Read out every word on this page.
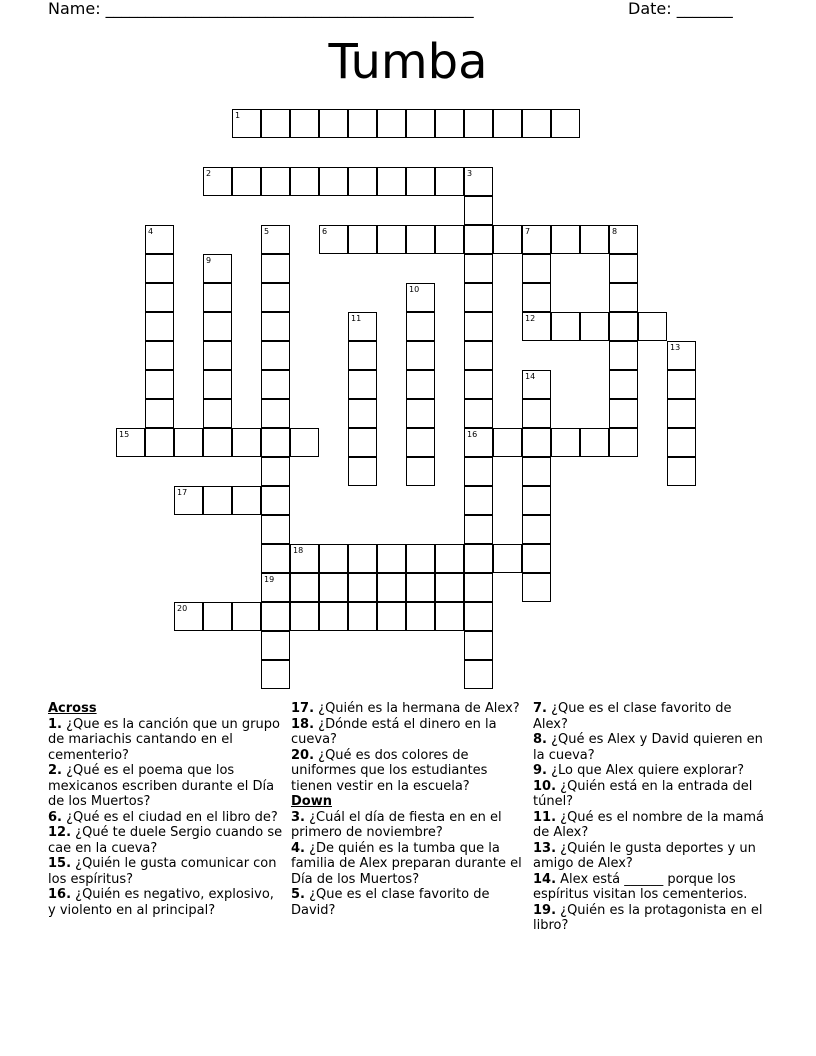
Name: ______________________________________________	Date: _______
Tumba
1
2	3
16
4	5
19
6	7	8
12
9
10
11
13
14
15
17
18
20

Across

1. ¿Que es la canción que un grupo de mariachis cantando en el cementerio?

2. ¿Qué es el poema que los mexicanos escriben durante el Día de los Muertos?

6. ¿Qué es el ciudad en el libro de?

12. ¿Qué te duele Sergio cuando se cae en la cueva?

15. ¿Quién le gusta comunicar con los espíritus?

16. ¿Quién es negativo, explosivo, y violento en al principal?

17. ¿Quién es la hermana de Alex?

18. ¿Dónde está el dinero en la cueva?

20. ¿Qué es dos colores de uniformes que los estudiantes tienen vestir en la escuela?

Down

3. ¿Cuál el día de fiesta en en el primero de noviembre?

4. ¿De quién es la tumba que la familia de Alex preparan durante el Día de los Muertos?

5. ¿Que es el clase favorito de David?

7. ¿Que es el clase favorito de Alex?

8. ¿Qué es Alex y David quieren en la cueva?

9. ¿Lo que Alex quiere explorar?

10. ¿Quién está en la entrada del túnel?

11. ¿Qué es el nombre de la mamá de Alex?

13. ¿Quién le gusta deportes y un amigo de Alex?

14. Alex está ______ porque los espíritus visitan los cementerios.

19. ¿Quién es la protagonista en el libro?
